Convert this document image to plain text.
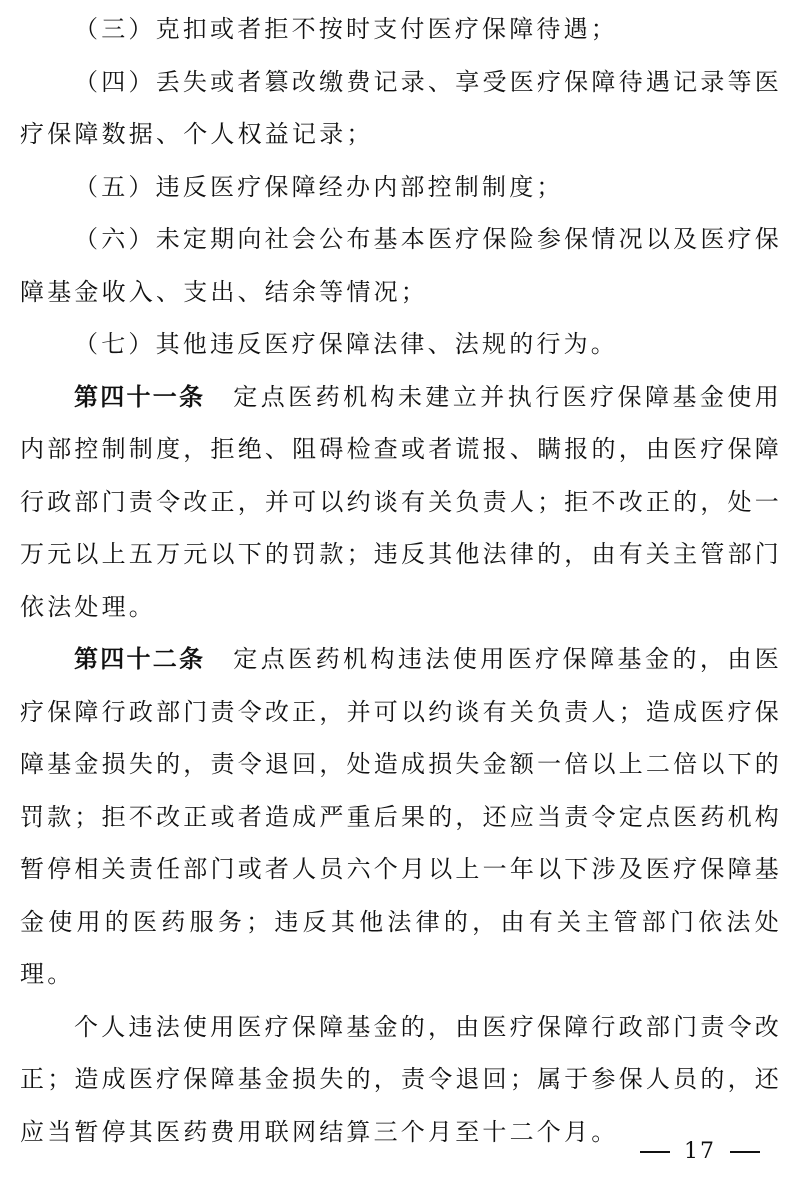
（三）克扣或者拒不按时支付医疗保障待遇；

（四）丢失或者篡改缴费记录、享受医疗保障待遇记录等医疗保障数据、个人权益记录；

（五）违反医疗保障经办内部控制制度；

（六）未定期向社会公布基本医疗保险参保情况以及医疗保障基金收入、支出、结余等情况；

（七）其他违反医疗保障法律、法规的行为。

第四十一条 定点医药机构未建立并执行医疗保障基金使用内部控制制度，拒绝、阻碍检查或者谎报、瞒报的，由医疗保障行政部门责令改正，并可以约谈有关负责人；拒不改正的，处一万元以上五万元以下的罚款；违反其他法律的，由有关主管部门依法处理。

第四十二条 定点医药机构违法使用医疗保障基金的，由医疗保障行政部门责令改正，并可以约谈有关负责人；造成医疗保障基金损失的，责令退回，处造成损失金额一倍以上二倍以下的罚款；拒不改正或者造成严重后果的，还应当责令定点医药机构暂停相关责任部门或者人员六个月以上一年以下涉及医疗保障基金使用的医药服务；违反其他法律的，由有关主管部门依法处理。

个人违法使用医疗保障基金的，由医疗保障行政部门责令改正；造成医疗保障基金损失的，责令退回；属于参保人员的，还应当暂停其医药费用联网结算三个月至十二个月。

17
